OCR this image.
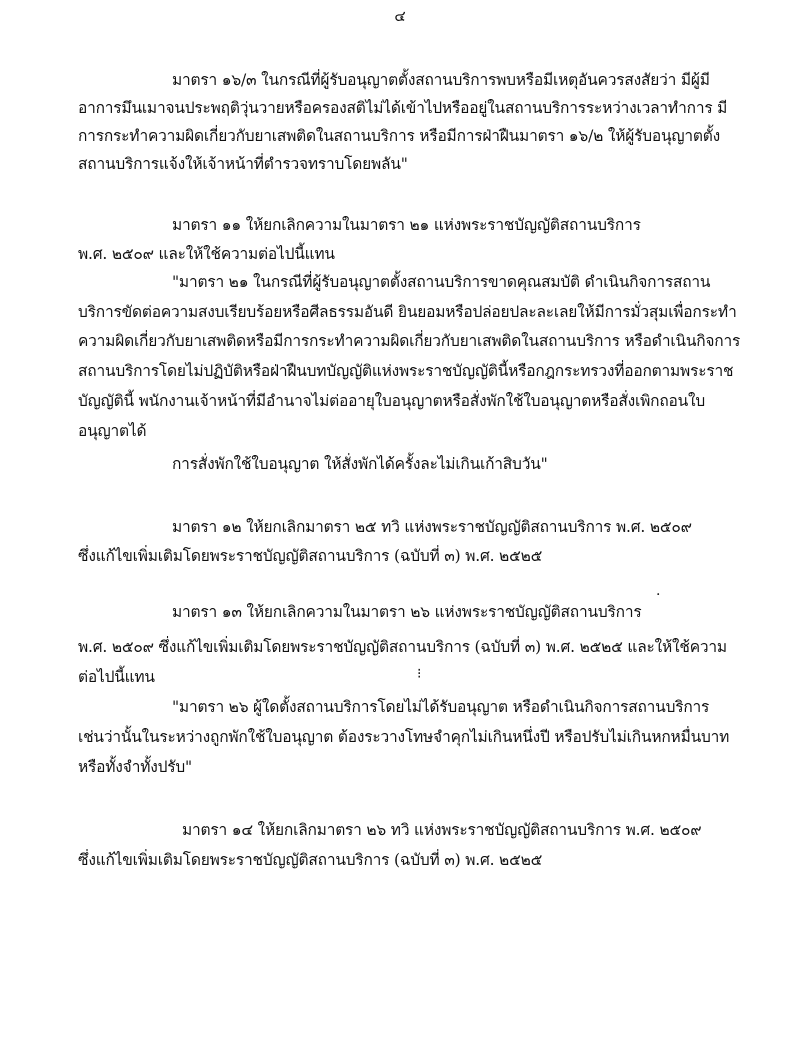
๔
มาตรา ๑๖/๓ ในกรณีที่ผู้รับอนุญาตตั้งสถานบริการพบหรือมีเหตุอันควรสงสัยว่า มีผู้มี
อาการมึนเมาจนประพฤติวุ่นวายหรือครองสติไม่ได้เข้าไปหรืออยู่ในสถานบริการระหว่างเวลาทำการ มี
การกระทำความผิดเกี่ยวกับยาเสพติดในสถานบริการ หรือมีการฝ่าฝืนมาตรา ๑๖/๒ ให้ผู้รับอนุญาตตั้ง
สถานบริการแจ้งให้เจ้าหน้าที่ตำรวจทราบโดยพลัน"
มาตรา ๑๑ ให้ยกเลิกความในมาตรา ๒๑ แห่งพระราชบัญญัติสถานบริการ
พ.ศ. ๒๕๐๙ และให้ใช้ความต่อไปนี้แทน
"มาตรา ๒๑ ในกรณีที่ผู้รับอนุญาตตั้งสถานบริการขาดคุณสมบัติ ดำเนินกิจการสถาน
บริการขัดต่อความสงบเรียบร้อยหรือศีลธรรมอันดี ยินยอมหรือปล่อยปละละเลยให้มีการมั่วสุมเพื่อกระทำ
ความผิดเกี่ยวกับยาเสพติดหรือมีการกระทำความผิดเกี่ยวกับยาเสพติดในสถานบริการ หรือดำเนินกิจการ
สถานบริการโดยไม่ปฏิบัติหรือฝ่าฝืนบทบัญญัติแห่งพระราชบัญญัตินี้หรือกฎกระทรวงที่ออกตามพระราช
บัญญัตินี้ พนักงานเจ้าหน้าที่มีอำนาจไม่ต่ออายุใบอนุญาตหรือสั่งพักใช้ใบอนุญาตหรือสั่งเพิกถอนใบ
อนุญาตได้
การสั่งพักใช้ใบอนุญาต ให้สั่งพักได้ครั้งละไม่เกินเก้าสิบวัน"
มาตรา ๑๒ ให้ยกเลิกมาตรา ๒๕ ทวิ แห่งพระราชบัญญัติสถานบริการ พ.ศ. ๒๕๐๙
ซึ่งแก้ไขเพิ่มเติมโดยพระราชบัญญัติสถานบริการ (ฉบับที่ ๓) พ.ศ. ๒๕๒๕
·
มาตรา ๑๓ ให้ยกเลิกความในมาตรา ๒๖ แห่งพระราชบัญญัติสถานบริการ
พ.ศ. ๒๕๐๙ ซึ่งแก้ไขเพิ่มเติมโดยพระราชบัญญัติสถานบริการ (ฉบับที่ ๓) พ.ศ. ๒๕๒๕ และให้ใช้ความ
ต่อไปนี้แทน
"มาตรา ๒๖ ผู้ใดตั้งสถานบริการโดยไม่ได้รับอนุญาต หรือดำเนินกิจการสถานบริการ
เช่นว่านั้นในระหว่างถูกพักใช้ใบอนุญาต ต้องระวางโทษจำคุกไม่เกินหนึ่งปี หรือปรับไม่เกินหกหมื่นบาท
หรือทั้งจำทั้งปรับ"
⁝
มาตรา ๑๔ ให้ยกเลิกมาตรา ๒๖ ทวิ แห่งพระราชบัญญัติสถานบริการ พ.ศ. ๒๕๐๙
ซึ่งแก้ไขเพิ่มเติมโดยพระราชบัญญัติสถานบริการ (ฉบับที่ ๓) พ.ศ. ๒๕๒๕
